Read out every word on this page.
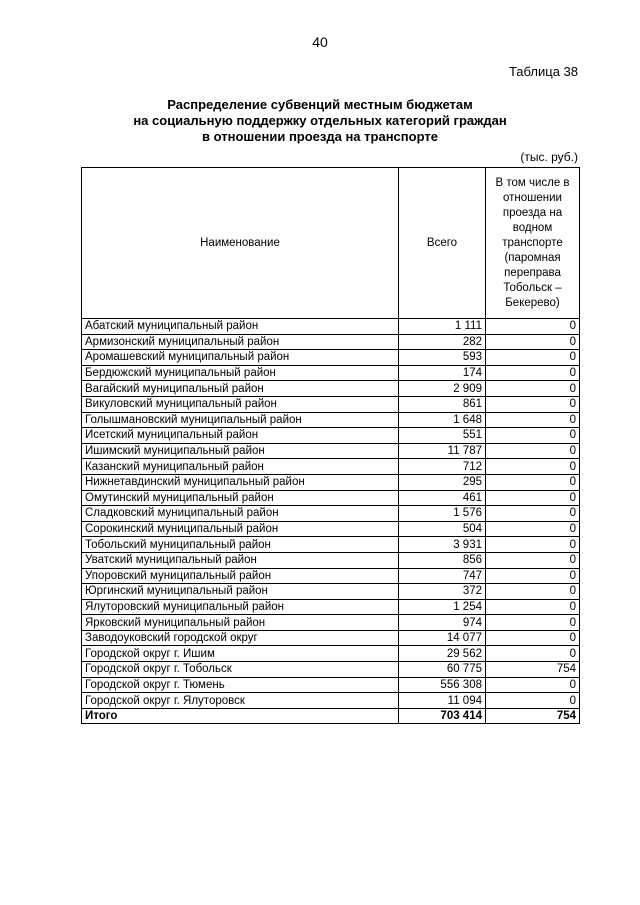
40
Таблица 38
Распределение субвенций местным бюджетам
на социальную поддержку отдельных категорий граждан
в отношении проезда на транспорте
(тыс. руб.)
Наименование	Всего	В том числе в отношении проезда на водном транспорте (паромная переправа Тобольск – Бекерево)
Абатский муниципальный район	1 111	0
Армизонский муниципальный район	282	0
Аромашевский муниципальный район	593	0
Бердюжский муниципальный район	174	0
Вагайский муниципальный район	2 909	0
Викуловский муниципальный район	861	0
Голышмановский муниципальный район	1 648	0
Исетский муниципальный район	551	0
Ишимский муниципальный район	11 787	0
Казанский муниципальный район	712	0
Нижнетавдинский муниципальный район	295	0
Омутинский муниципальный район	461	0
Сладковский муниципальный район	1 576	0
Сорокинский муниципальный район	504	0
Тобольский муниципальный район	3 931	0
Уватский муниципальный район	856	0
Упоровский муниципальный район	747	0
Юргинский муниципальный район	372	0
Ялуторовский муниципальный район	1 254	0
Ярковский муниципальный район	974	0
Заводоуковский городской округ	14 077	0
Городской округ г. Ишим	29 562	0
Городской округ г. Тобольск	60 775	754
Городской округ г. Тюмень	556 308	0
Городской округ г. Ялуторовск	11 094	0
Итого	703 414	754
